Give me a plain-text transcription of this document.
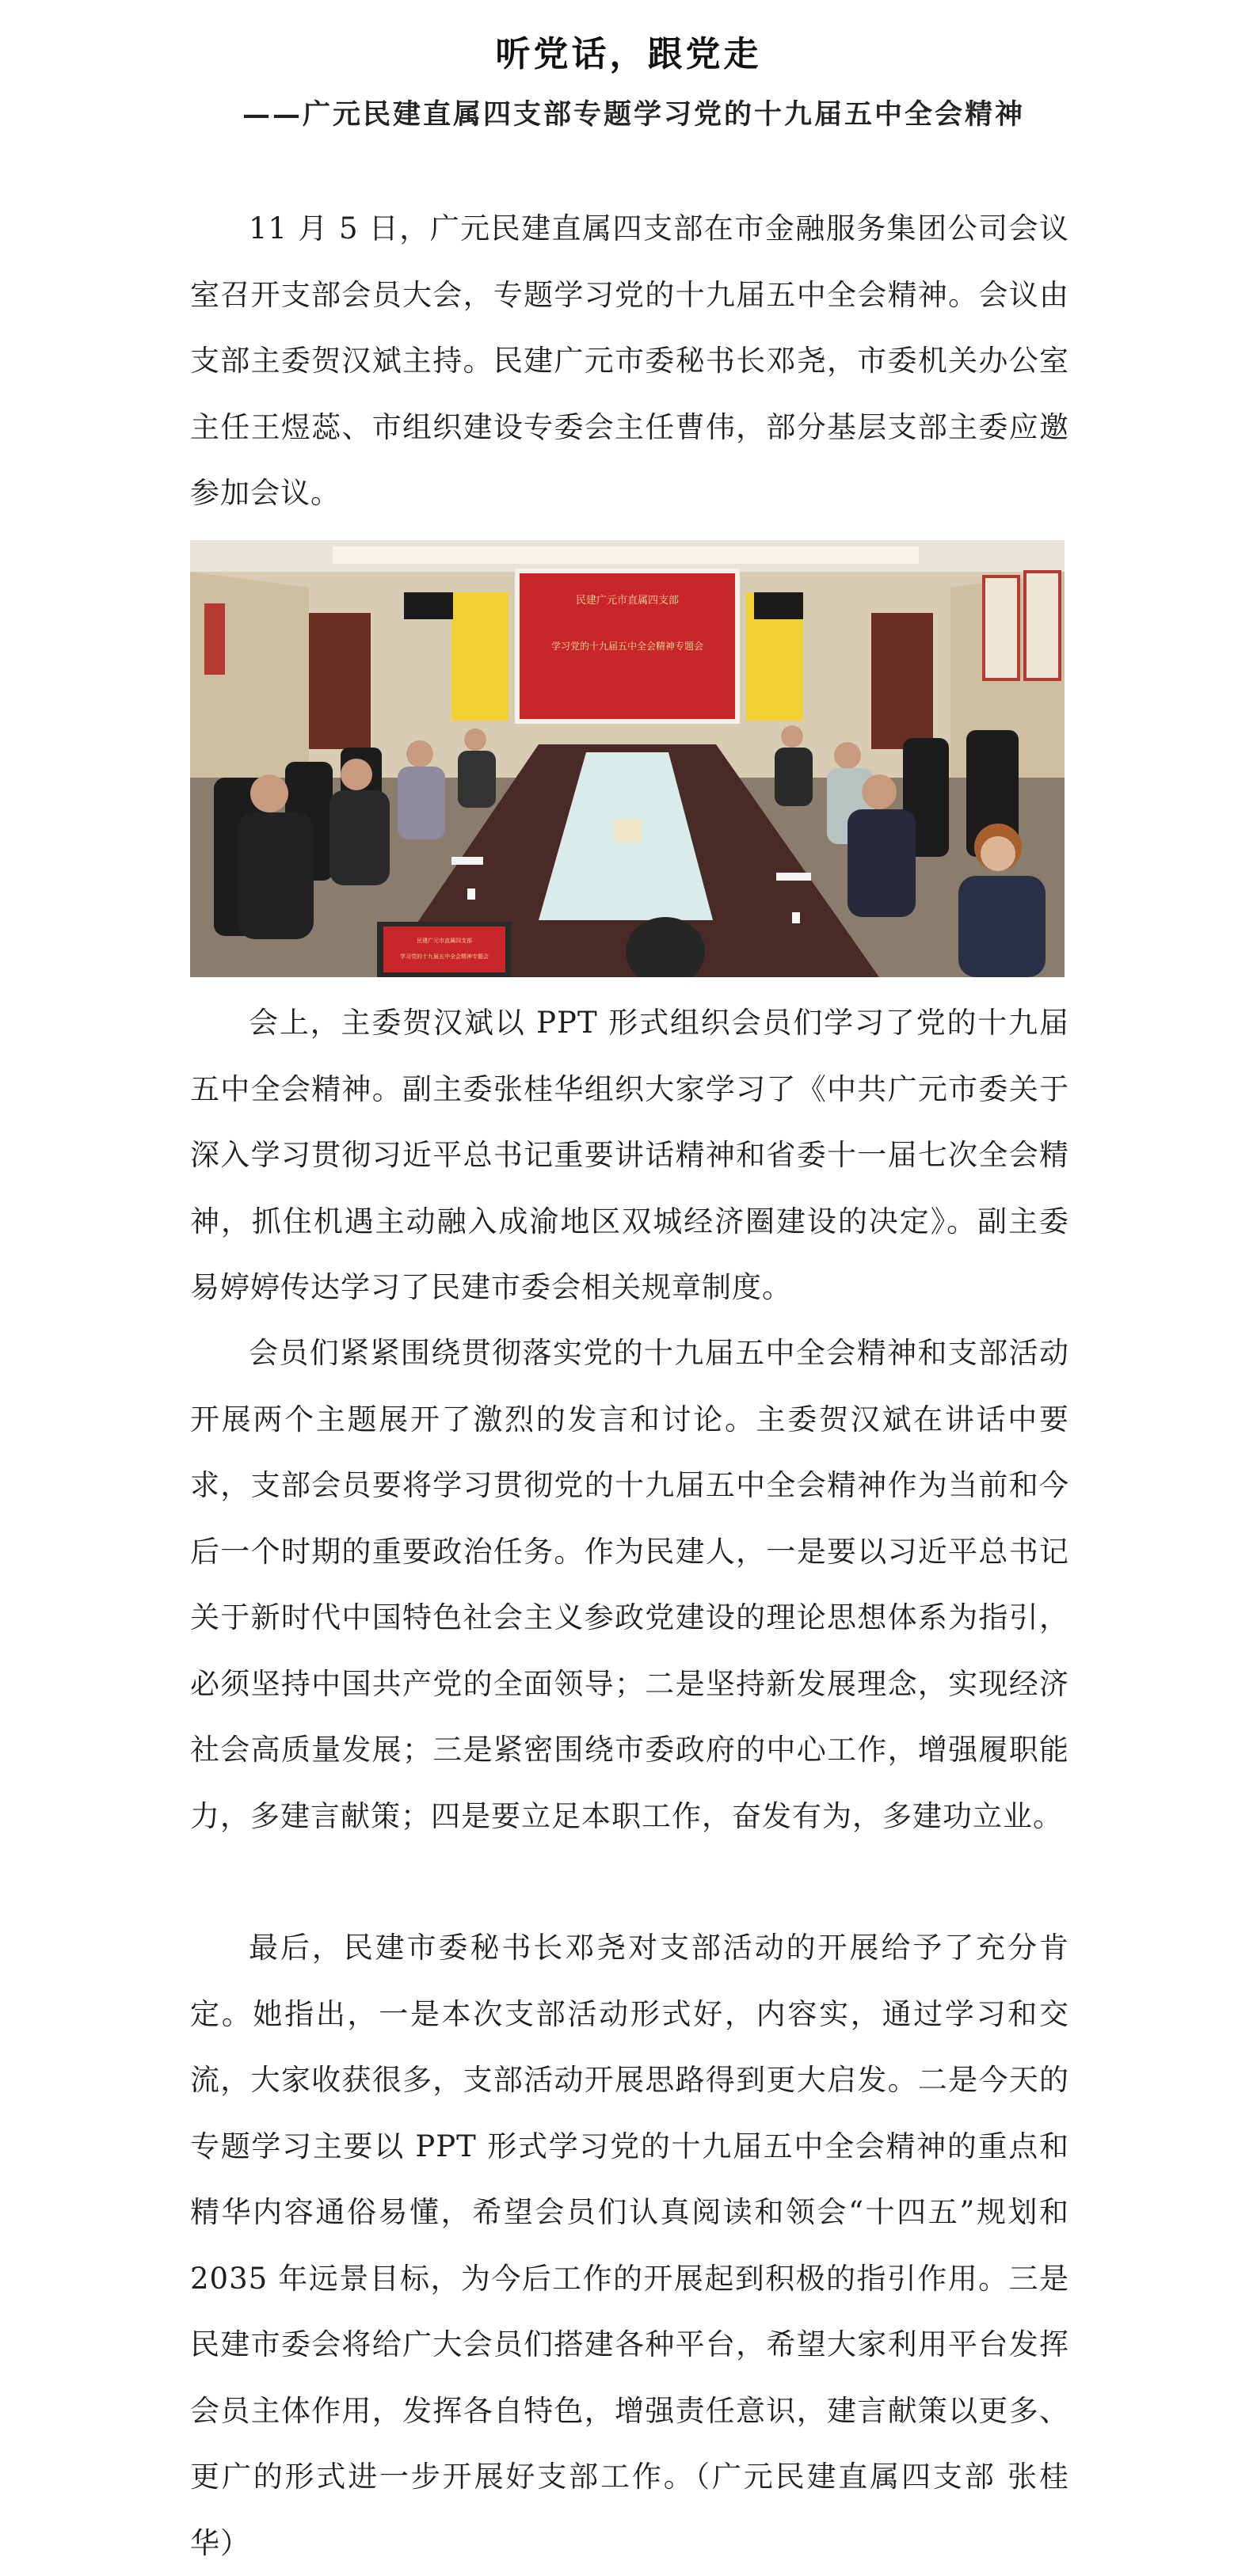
听党话，跟党走
——广元民建直属四支部专题学习党的十九届五中全会精神

11 月 5 日，广元民建直属四支部在市金融服务集团公司会议室召开支部会员大会，专题学习党的十九届五中全会精神。会议由支部主委贺汉斌主持。民建广元市委秘书长邓尧，市委机关办公室主任王煜蕊、市组织建设专委会主任曹伟，部分基层支部主委应邀参加会议。

民建广元市直属四支部
学习党的十九届五中全会精神专题会
民建广元市直属四支部
学习党的十九届五中全会精神专题会

会上，主委贺汉斌以 PPT 形式组织会员们学习了党的十九届五中全会精神。副主委张桂华组织大家学习了《中共广元市委关于深入学习贯彻习近平总书记重要讲话精神和省委十一届七次全会精神，抓住机遇主动融入成渝地区双城经济圈建设的决定》。副主委易婷婷传达学习了民建市委会相关规章制度。

会员们紧紧围绕贯彻落实党的十九届五中全会精神和支部活动开展两个主题展开了激烈的发言和讨论。主委贺汉斌在讲话中要求，支部会员要将学习贯彻党的十九届五中全会精神作为当前和今后一个时期的重要政治任务。作为民建人，一是要以习近平总书记关于新时代中国特色社会主义参政党建设的理论思想体系为指引，必须坚持中国共产党的全面领导；二是坚持新发展理念，实现经济社会高质量发展；三是紧密围绕市委政府的中心工作，增强履职能力，多建言献策；四是要立足本职工作，奋发有为，多建功立业。

最后，民建市委秘书长邓尧对支部活动的开展给予了充分肯定。她指出，一是本次支部活动形式好，内容实，通过学习和交流，大家收获很多，支部活动开展思路得到更大启发。二是今天的专题学习主要以 PPT 形式学习党的十九届五中全会精神的重点和精华内容通俗易懂，希望会员们认真阅读和领会“十四五”规划和 2035 年远景目标，为今后工作的开展起到积极的指引作用。三是民建市委会将给广大会员们搭建各种平台，希望大家利用平台发挥会员主体作用，发挥各自特色，增强责任意识，建言献策以更多、更广的形式进一步开展好支部工作。（广元民建直属四支部 张桂华）
